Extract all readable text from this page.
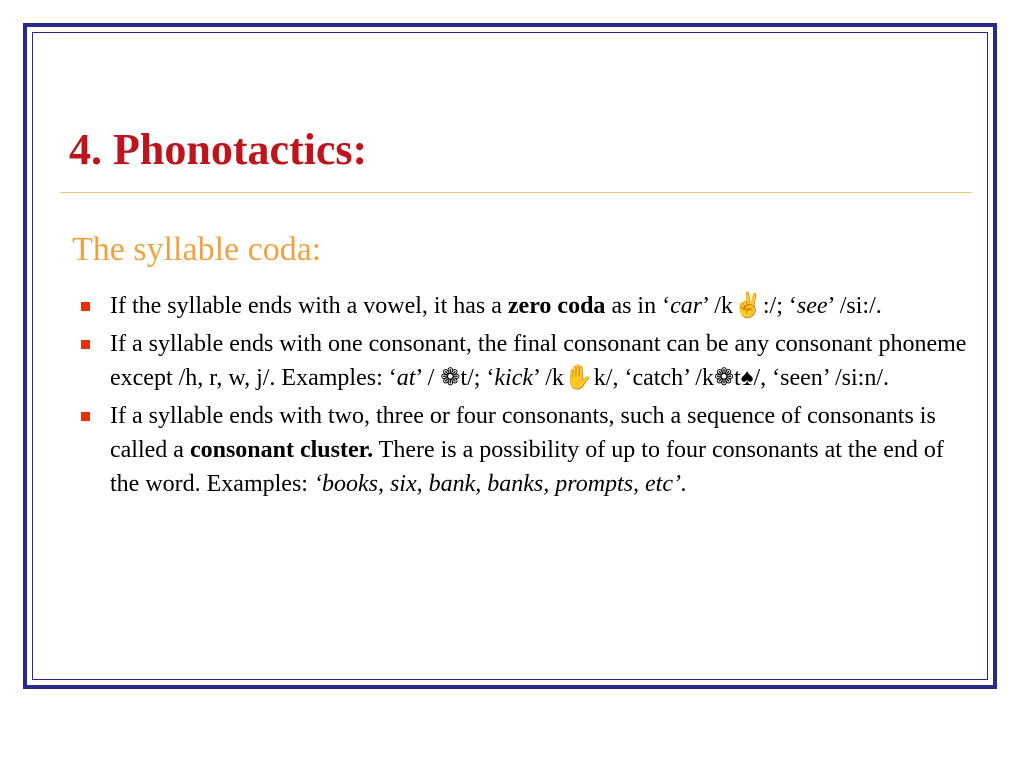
4. Phonotactics:
The syllable coda:
If the syllable ends with a vowel, it has a zero coda as in ‘car’ /k✌:/; ‘see’ /si:/.
If a syllable ends with one consonant, the final consonant can be any consonant phoneme except /h, r, w, j/. Examples: ‘at’ / ❁t/; ‘kick’ /k✋k/, ‘catch’ /k❁t♠/, ‘seen’ /si:n/.
If a syllable ends with two, three or four consonants, such a sequence of consonants is called a consonant cluster. There is a possibility of up to four consonants at the end of the word. Examples: ‘books, six, bank, banks, prompts, etc’.
